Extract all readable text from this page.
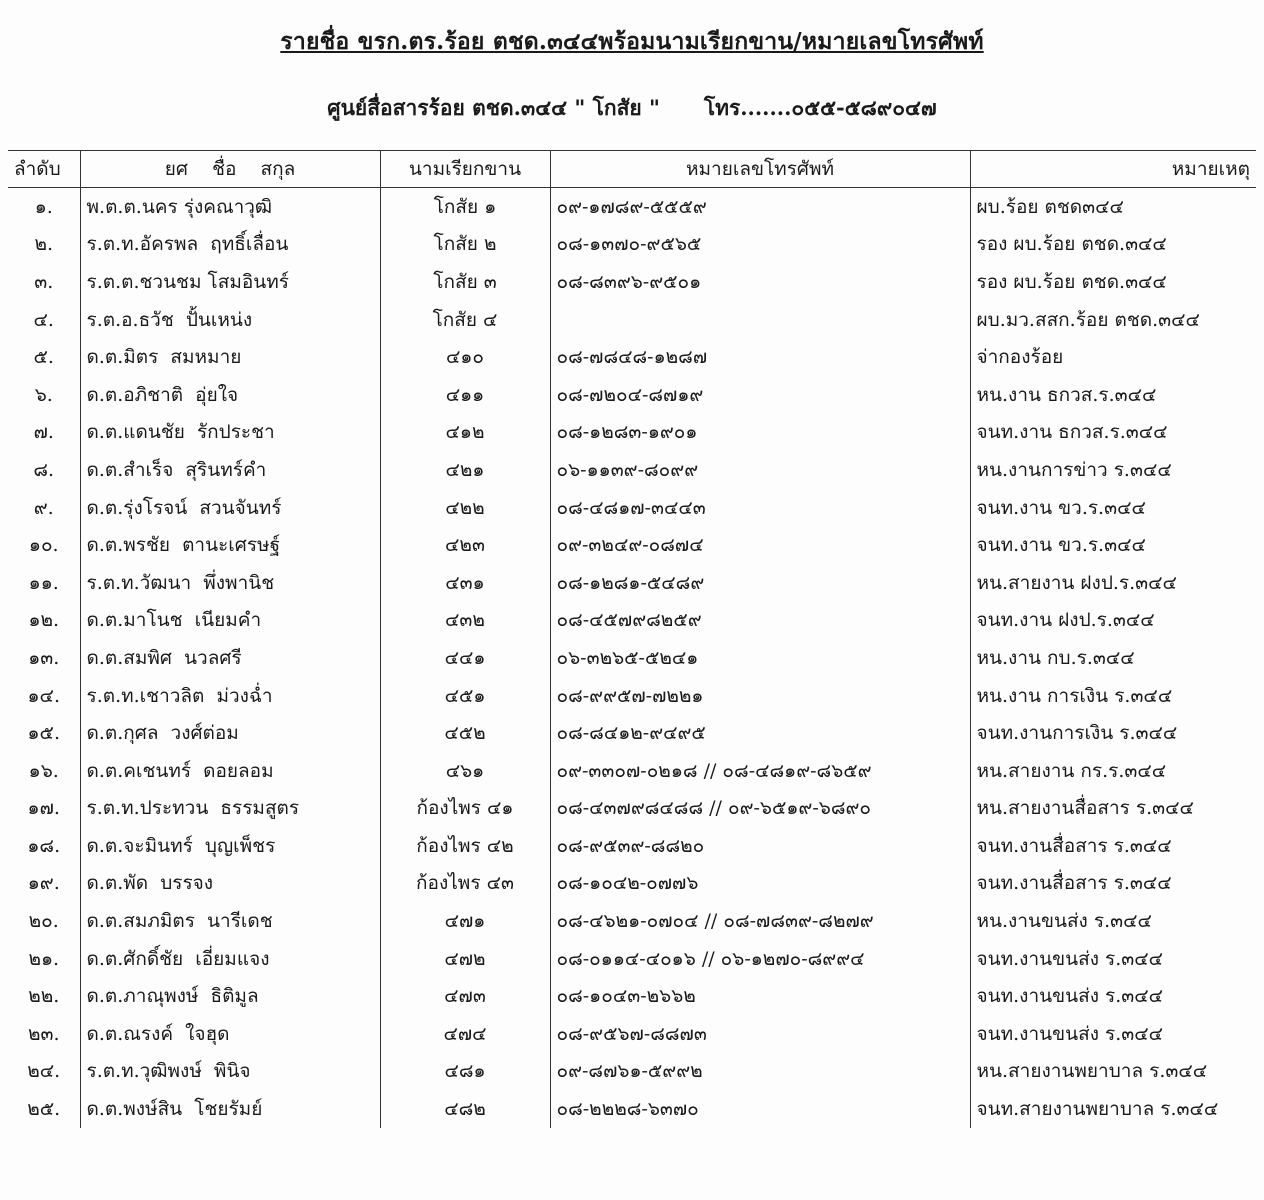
รายชื่อ ขรก.ตร.ร้อย ตชด.๓๔๔พร้อมนามเรียกขาน/หมายเลขโทรศัพท์
ศูนย์สื่อสารร้อย ตชด.๓๔๔ " โกสัย "      โทร.......๐๕๕-๕๘๙๐๔๗
ลำดับ	ยศ    ชื่อ    สกุล	นามเรียกขาน	หมายเลขโทรศัพท์	หมายเหตุ
๑.	พ.ต.ต.นคร รุ่งคณาวุฒิ	โกสัย ๑	๐๙-๑๗๘๙-๕๕๕๙	ผบ.ร้อย ตชด๓๔๔
๒.	ร.ต.ท.อัครพล  ฤทธิ์เลื่อน	โกสัย ๒	๐๘-๑๓๗๐-๙๕๖๕	รอง ผบ.ร้อย ตชด.๓๔๔
๓.	ร.ต.ต.ชวนชม โสมอินทร์	โกสัย ๓	๐๘-๘๓๙๖-๙๕๐๑	รอง ผบ.ร้อย ตชด.๓๔๔
๔.	ร.ต.อ.ธวัช  ปั้นเหน่ง	โกสัย ๔		ผบ.มว.สสก.ร้อย ตชด.๓๔๔
๕.	ด.ต.มิตร  สมหมาย	๔๑๐	๐๘-๗๘๔๘-๑๒๘๗	จ่ากองร้อย
๖.	ด.ต.อภิชาติ  อุ่ยใจ	๔๑๑	๐๘-๗๒๐๔-๘๗๑๙	หน.งาน ธกวส.ร.๓๔๔
๗.	ด.ต.แดนชัย  รักประชา	๔๑๒	๐๘-๑๒๘๓-๑๙๐๑	จนท.งาน ธกวส.ร.๓๔๔
๘.	ด.ต.สำเร็จ  สุรินทร์คำ	๔๒๑	๐๖-๑๑๓๙-๘๐๙๙	หน.งานการข่าว ร.๓๔๔
๙.	ด.ต.รุ่งโรจน์  สวนจันทร์	๔๒๒	๐๘-๔๘๑๗-๓๔๔๓	จนท.งาน ขว.ร.๓๔๔
๑๐.	ด.ต.พรชัย  ตานะเศรษฐ์	๔๒๓	๐๙-๓๒๔๙-๐๘๗๔	จนท.งาน ขว.ร.๓๔๔
๑๑.	ร.ต.ท.วัฒนา  พึ่งพานิช	๔๓๑	๐๘-๑๒๘๑-๕๔๘๙	หน.สายงาน ฝงป.ร.๓๔๔
๑๒.	ด.ต.มาโนช  เนียมคำ	๔๓๒	๐๘-๔๕๗๙๘๒๕๙	จนท.งาน ฝงป.ร.๓๔๔
๑๓.	ด.ต.สมพิศ  นวลศรี	๔๔๑	๐๖-๓๒๖๕-๕๒๔๑	หน.งาน กบ.ร.๓๔๔
๑๔.	ร.ต.ท.เชาวลิต  ม่วงฉ่ำ	๔๕๑	๐๘-๙๙๕๗-๗๒๒๑	หน.งาน การเงิน ร.๓๔๔
๑๕.	ด.ต.กุศล  วงศ์ต่อม	๔๕๒	๐๘-๘๔๑๒-๙๔๙๕	จนท.งานการเงิน ร.๓๔๔
๑๖.	ด.ต.คเชนทร์  ดอยลอม	๔๖๑	๐๙-๓๓๐๗-๐๒๑๘ // ๐๘-๔๘๑๙-๘๖๕๙	หน.สายงาน กร.ร.๓๔๔
๑๗.	ร.ต.ท.ประทวน  ธรรมสูตร	ก้องไพร ๔๑	๐๘-๔๓๗๙๘๔๘๘ // ๐๙-๖๕๑๙-๖๘๙๐	หน.สายงานสื่อสาร ร.๓๔๔
๑๘.	ด.ต.จะมินทร์  บุญเพ็ชร	ก้องไพร ๔๒	๐๘-๙๕๓๙-๘๘๒๐	จนท.งานสื่อสาร ร.๓๔๔
๑๙.	ด.ต.พัด  บรรจง	ก้องไพร ๔๓	๐๘-๑๐๔๒-๐๗๗๖	จนท.งานสื่อสาร ร.๓๔๔
๒๐.	ด.ต.สมภมิตร  นารีเดช	๔๗๑	๐๘-๔๖๒๑-๐๗๐๔ // ๐๘-๗๘๓๙-๘๒๗๙	หน.งานขนส่ง ร.๓๔๔
๒๑.	ด.ต.ศักดิ์ชัย  เอี่ยมแจง	๔๗๒	๐๘-๐๑๑๔-๔๐๑๖ // ๐๖-๑๒๗๐-๘๙๙๔	จนท.งานขนส่ง ร.๓๔๔
๒๒.	ด.ต.ภาณุพงษ์  ธิติมูล	๔๗๓	๐๘-๑๐๔๓-๒๖๖๒	จนท.งานขนส่ง ร.๓๔๔
๒๓.	ด.ต.ณรงค์  ใจฮุด	๔๗๔	๐๘-๙๕๖๗-๘๘๗๓	จนท.งานขนส่ง ร.๓๔๔
๒๔.	ร.ต.ท.วุฒิพงษ์  พินิจ	๔๘๑	๐๙-๘๗๖๑-๕๙๙๒	หน.สายงานพยาบาล ร.๓๔๔
๒๕.	ด.ต.พงษ์สิน  โชยรัมย์	๔๘๒	๐๘-๒๒๒๘-๖๓๗๐	จนท.สายงานพยาบาล ร.๓๔๔
